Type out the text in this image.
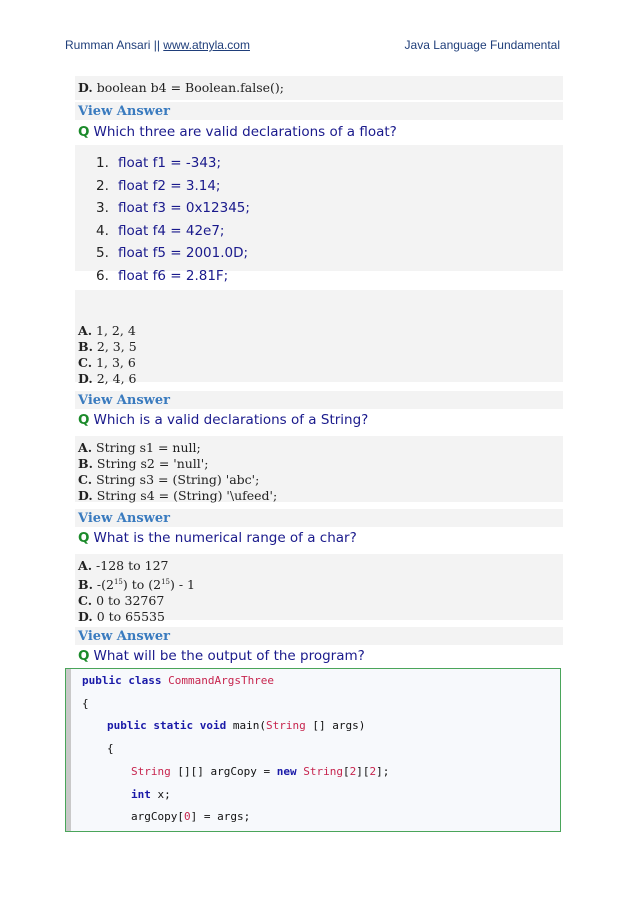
Rumman Ansari || www.atnyla.com	Java Language Fundamental
D. boolean b4 = Boolean.false();
View Answer
Q Which three are valid declarations of a float?
1. float f1 = -343;
2. float f2 = 3.14;
3. float f3 = 0x12345;
4. float f4 = 42e7;
5. float f5 = 2001.0D;
6. float f6 = 2.81F;
A. 1, 2, 4
B. 2, 3, 5
C. 1, 3, 6
D. 2, 4, 6
View Answer
Q Which is a valid declarations of a String?
A. String s1 = null;
B. String s2 = 'null';
C. String s3 = (String) 'abc';
D. String s4 = (String) '\ufeed';
View Answer
Q What is the numerical range of a char?
A. -128 to 127
B. $-(2^{15})$ to $(2^{15}) - 1$
C. 0 to 32767
D. 0 to 65535
View Answer
Q What will be the output of the program?
public class CommandArgsThree
{
public static void main(String [] args)
{
String [][] argCopy = new String[2][2];
int x;
argCopy[0] = args;
